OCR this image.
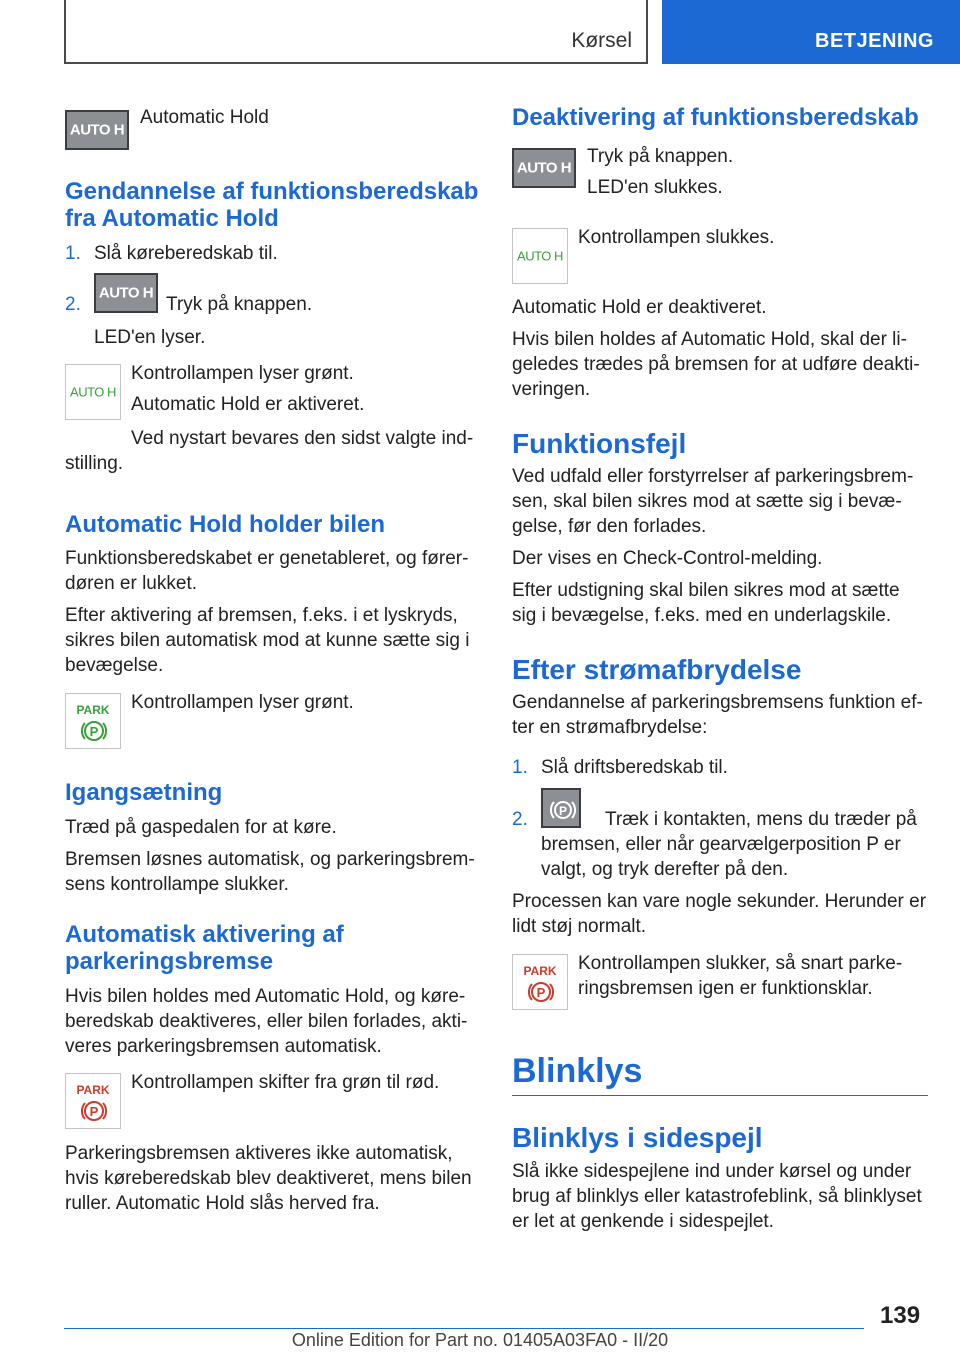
Kørsel	BETJENING
AUTO H
Automatic Hold
Gendannelse af funktionsberedskab
fra Automatic Hold
1. Slå køreberedskab til.
2.
AUTO H
Tryk på knappen.
LED'en lyser.
AUTO H
Kontrollampen lyser grønt.
Automatic Hold er aktiveret.
Ved nystart bevares den sidst valgte ind-
stilling.
Automatic Hold holder bilen
Funktionsberedskabet er genetableret, og fører-
døren er lukket.
Efter aktivering af bremsen, f.eks. i et lyskryds,
sikres bilen automatisk mod at kunne sætte sig i
bevægelse.
PARK
P
Kontrollampen lyser grønt.
Igangsætning
Træd på gaspedalen for at køre.
Bremsen løsnes automatisk, og parkeringsbrem-
sens kontrollampe slukker.
Automatisk aktivering af
parkeringsbremse
Hvis bilen holdes med Automatic Hold, og køre-
beredskab deaktiveres, eller bilen forlades, akti-
veres parkeringsbremsen automatisk.
PARK
P
Kontrollampen skifter fra grøn til rød.
Parkeringsbremsen aktiveres ikke automatisk,
hvis køreberedskab blev deaktiveret, mens bilen
ruller. Automatic Hold slås herved fra.
Deaktivering af funktionsberedskab
AUTO H
Tryk på knappen.
LED'en slukkes.
AUTO H
Kontrollampen slukkes.
Automatic Hold er deaktiveret.
Hvis bilen holdes af Automatic Hold, skal der li-
geledes trædes på bremsen for at udføre deakti-
veringen.
Funktionsfejl
Ved udfald eller forstyrrelser af parkeringsbrem-
sen, skal bilen sikres mod at sætte sig i bevæ-
gelse, før den forlades.
Der vises en Check-Control-melding.
Efter udstigning skal bilen sikres mod at sætte
sig i bevægelse, f.eks. med en underlagskile.
Efter strømafbrydelse
Gendannelse af parkeringsbremsens funktion ef-
ter en strømafbrydelse:
1. Slå driftsberedskab til.
2.	P Træk i kontakten, mens du træder på
bremsen, eller når gearvælgerposition P er
valgt, og tryk derefter på den.
Processen kan vare nogle sekunder. Herunder er
lidt støj normalt.
PARK
P
Kontrollampen slukker, så snart parke-
ringsbremsen igen er funktionsklar.
Blinklys
Blinklys i sidespejl
Slå ikke sidespejlene ind under kørsel og under
brug af blinklys eller katastrofeblink, så blinklyset
er let at genkende i sidespejlet.
139
Online Edition for Part no. 01405A03FA0 - II/20
